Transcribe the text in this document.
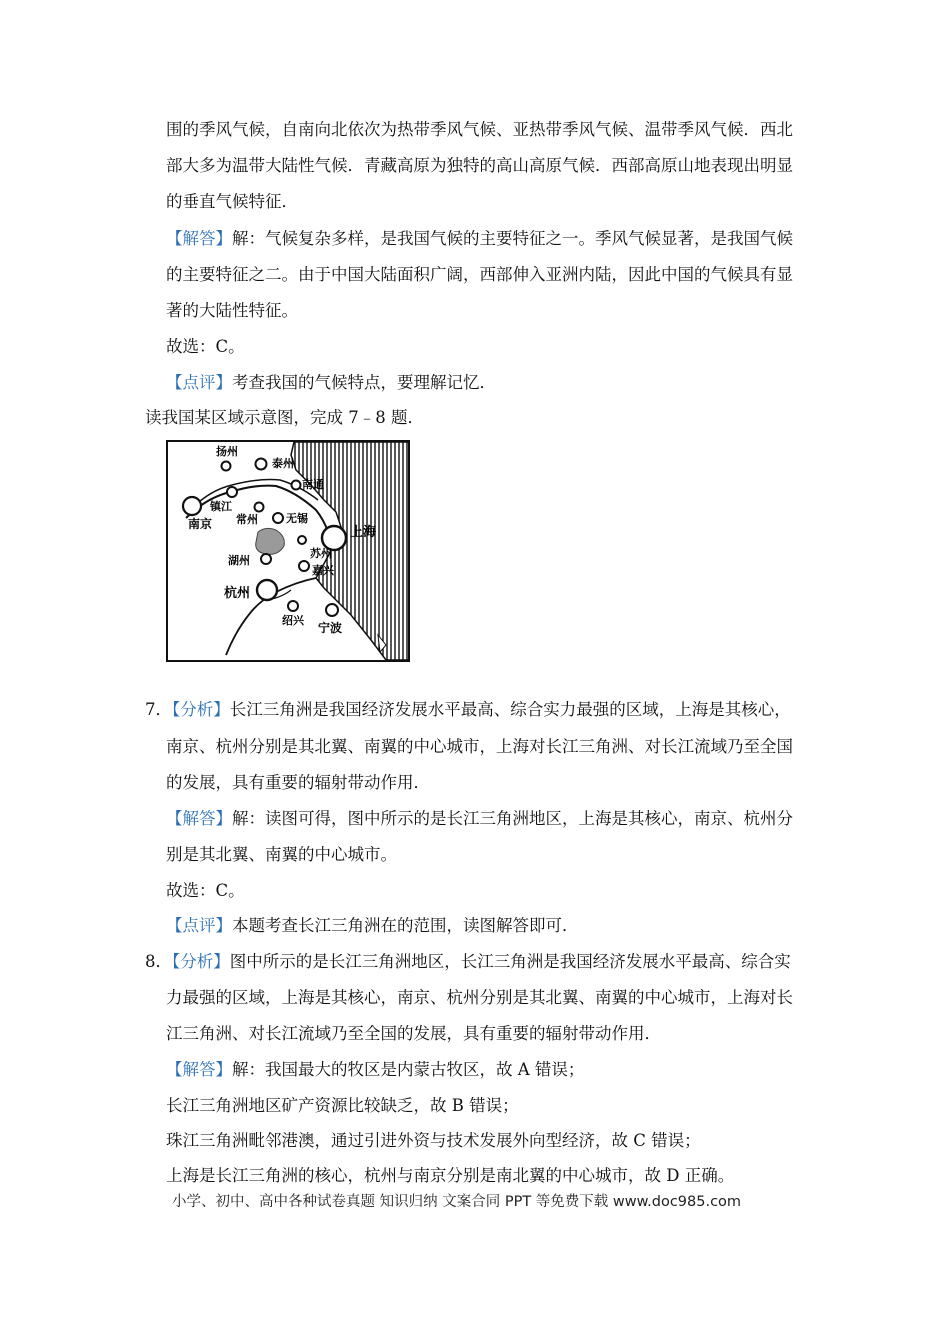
围的季风气候，自南向北依次为热带季风气候、亚热带季风气候、温带季风气候．西北
部大多为温带大陆性气候．青藏高原为独特的高山高原气候．西部高原山地表现出明显
的垂直气候特征．
【解答】解：气候复杂多样，是我国气候的主要特征之一。季风气候显著，是我国气候
的主要特征之二。由于中国大陆面积广阔，西部伸入亚洲内陆，因此中国的气候具有显
著的大陆性特征。
故选：C。
【点评】考查我国的气候特点，要理解记忆．
读我国某区域示意图，完成 7﹣8 题．
扬州
泰州
南通
镇江
南京 常州	无锡
上海
苏州
湖州
嘉兴
杭州
绍兴
宁波
7．【分析】长江三角洲是我国经济发展水平最高、综合实力最强的区域，上海是其核心，
南京、杭州分别是其北翼、南翼的中心城市，上海对长江三角洲、对长江流域乃至全国
的发展，具有重要的辐射带动作用．
【解答】解：读图可得，图中所示的是长江三角洲地区，上海是其核心，南京、杭州分
别是其北翼、南翼的中心城市。
故选：C。
【点评】本题考查长江三角洲在的范围，读图解答即可．
8．【分析】图中所示的是长江三角洲地区，长江三角洲是我国经济发展水平最高、综合实
力最强的区域，上海是其核心，南京、杭州分别是其北翼、南翼的中心城市，上海对长
江三角洲、对长江流域乃至全国的发展，具有重要的辐射带动作用．
【解答】解：我国最大的牧区是内蒙古牧区，故 A 错误；
长江三角洲地区矿产资源比较缺乏，故 B 错误；
珠江三角洲毗邻港澳，通过引进外资与技术发展外向型经济，故 C 错误；
上海是长江三角洲的核心，杭州与南京分别是南北翼的中心城市，故 D 正确。
小学、初中、高中各种试卷真题 知识归纳 文案合同 PPT 等免费下载 www.doc985.com
